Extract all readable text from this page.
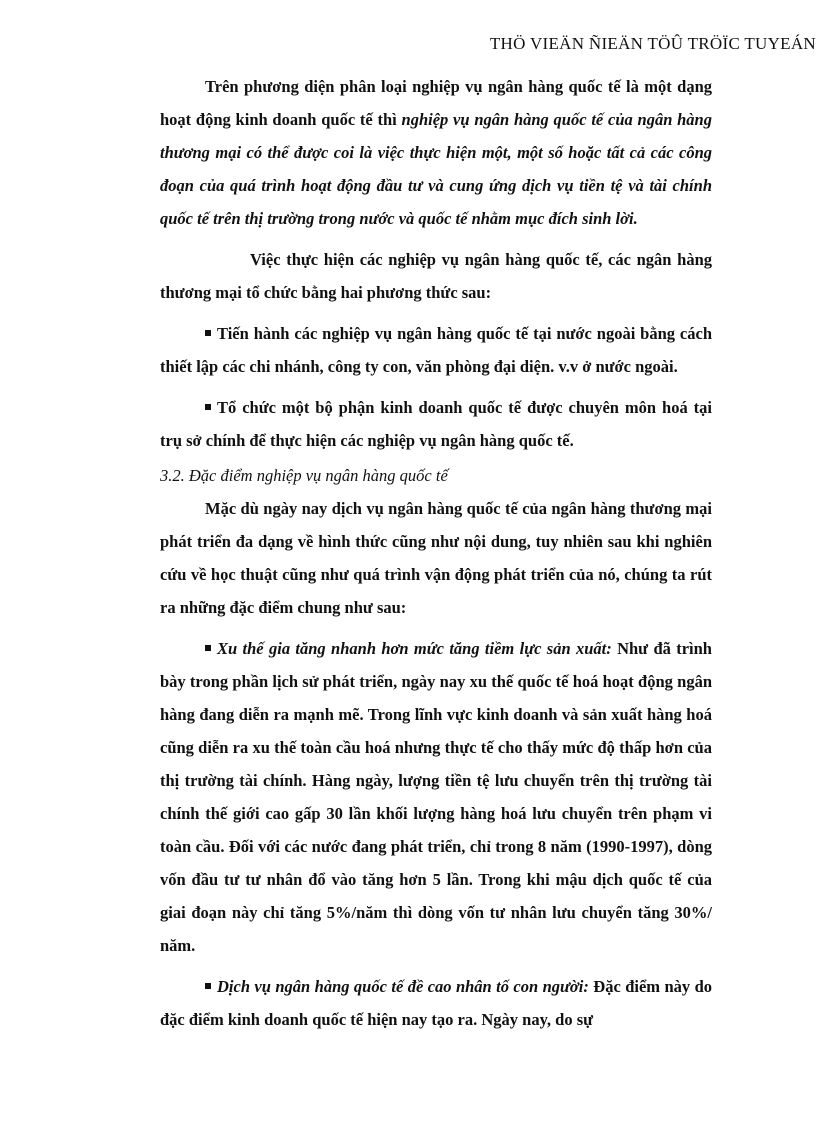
THÖ VIEÄN ÑIEÄN TÖÛ TRÖÏC TUYEÁN

Trên phương diện phân loại nghiệp vụ ngân hàng quốc tế là một dạng hoạt động kinh doanh quốc tế thì nghiệp vụ ngân hàng quốc tế của ngân hàng thương mại có thể được coi là việc thực hiện một, một số hoặc tất cả các công đoạn của quá trình hoạt động đầu tư và cung ứng dịch vụ tiền tệ và tài chính quốc tế trên thị trường trong nước và quốc tế nhằm mục đích sinh lời.

Việc thực hiện các nghiệp vụ ngân hàng quốc tế, các ngân hàng thương mại tổ chức bằng hai phương thức sau:

Tiến hành các nghiệp vụ ngân hàng quốc tế tại nước ngoài bằng cách thiết lập các chi nhánh, công ty con, văn phòng đại diện. v.v ở nước ngoài.

Tổ chức một bộ phận kinh doanh quốc tế được chuyên môn hoá tại trụ sở chính để thực hiện các nghiệp vụ ngân hàng quốc tế.

3.2. Đặc điểm nghiệp vụ ngân hàng quốc tế

Mặc dù ngày nay dịch vụ ngân hàng quốc tế của ngân hàng thương mại phát triển đa dạng về hình thức cũng như nội dung, tuy nhiên sau khi nghiên cứu về học thuật cũng như quá trình vận động phát triển của nó, chúng ta rút ra những đặc điểm chung như sau:

Xu thế gia tăng nhanh hơn mức tăng tiềm lực sản xuất: Như đã trình bày trong phần lịch sử phát triển, ngày nay xu thế quốc tế hoá hoạt động ngân hàng đang diễn ra mạnh mẽ. Trong lĩnh vực kinh doanh và sản xuất hàng hoá cũng diễn ra xu thế toàn cầu hoá nhưng thực tế cho thấy mức độ thấp hơn của thị trường tài chính. Hàng ngày, lượng tiền tệ lưu chuyển trên thị trường tài chính thế giới cao gấp 30 lần khối lượng hàng hoá lưu chuyển trên phạm vi toàn cầu. Đối với các nước đang phát triển, chỉ trong 8 năm (1990-1997), dòng vốn đầu tư tư nhân đổ vào tăng hơn 5 lần. Trong khi mậu dịch quốc tế của giai đoạn này chỉ tăng 5%/năm thì dòng vốn tư nhân lưu chuyển tăng 30%/ năm.

Dịch vụ ngân hàng quốc tế đề cao nhân tố con người: Đặc điểm này do đặc điểm kinh doanh quốc tế hiện nay tạo ra. Ngày nay, do sự
